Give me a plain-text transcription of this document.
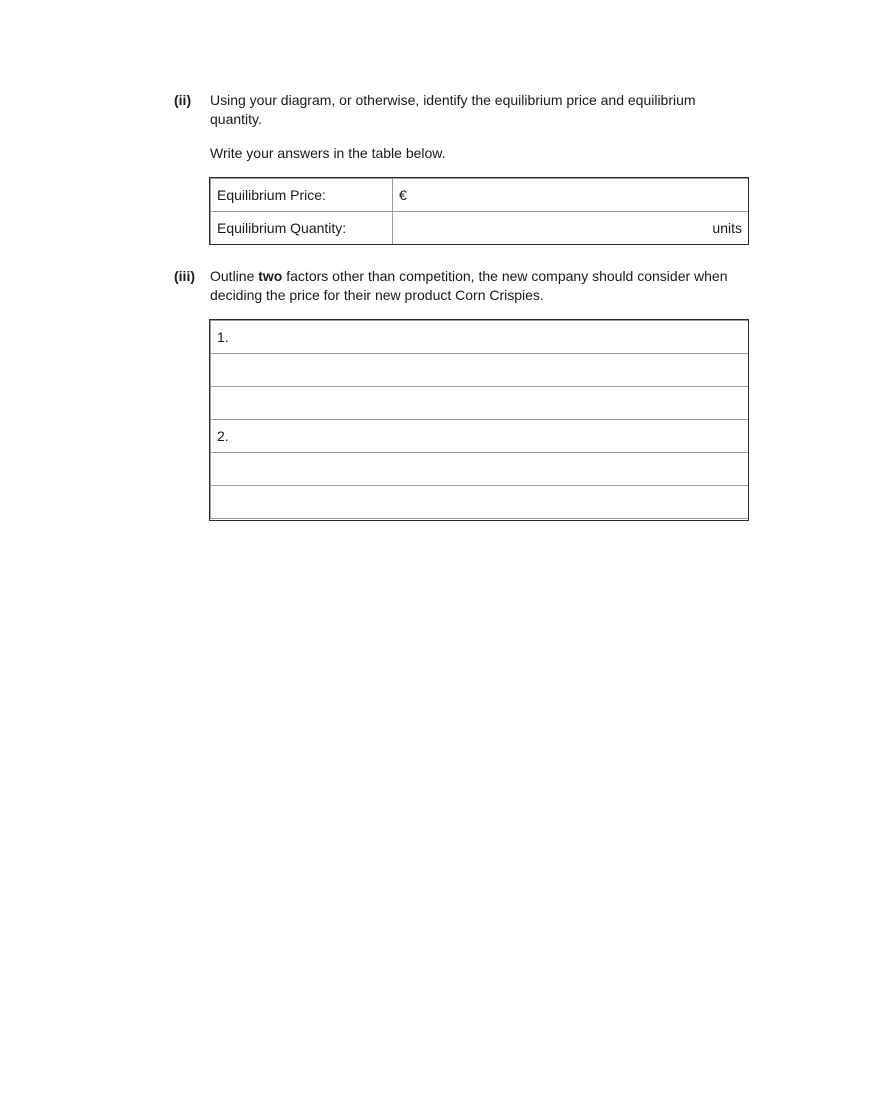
(ii) Using your diagram, or otherwise, identify the equilibrium price and equilibrium
quantity.
Write your answers in the table below.
Equilibrium Price:	€
Equilibrium Quantity:	units
(iii) Outline two factors other than competition, the new company should consider when
deciding the price for their new product Corn Crispies.
1.

2.
